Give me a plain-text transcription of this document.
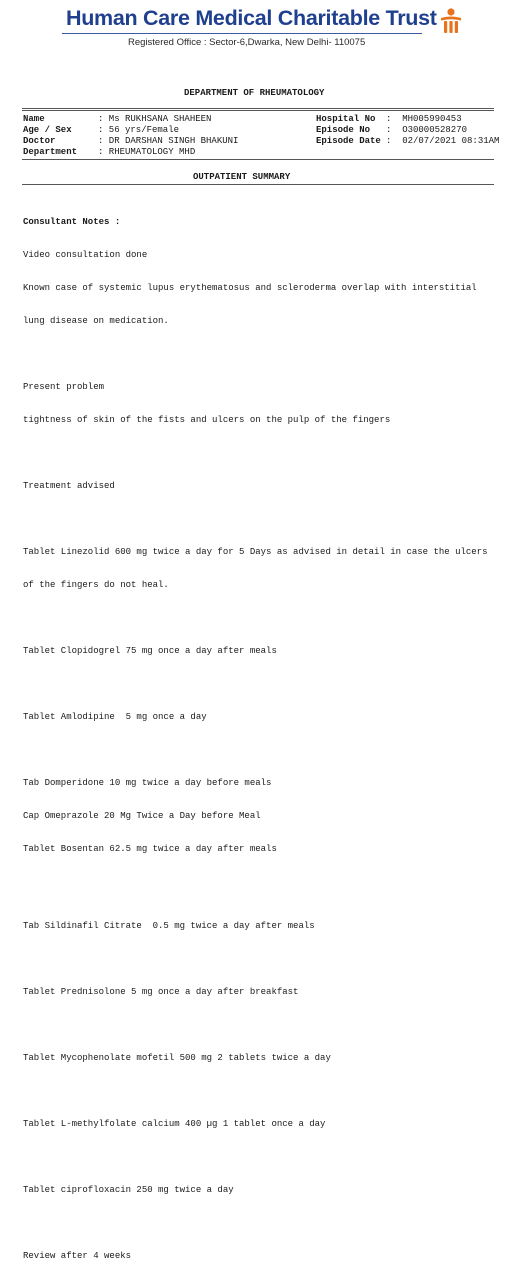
Human Care Medical Charitable Trust
Registered Office : Sector-6,Dwarka, New Delhi- 110075
DEPARTMENT OF RHEUMATOLOGY
Name	: Ms RUKHSANA SHAHEEN
Age / Sex	: 56 yrs/Female
Doctor	: DR DARSHAN SINGH BHAKUNI
Department : RHEUMATOLOGY MHD
Hospital No :  MH005990453
Episode No :  O30000528270
Episode Date :  02/07/2021 08:31AM
OUTPATIENT SUMMARY

Consultant Notes :

Video consultation done

Known case of systemic lupus erythematosus and scleroderma overlap with interstitial

lung disease on medication.

Present problem

tightness of skin of the fists and ulcers on the pulp of the fingers

Treatment advised

Tablet Linezolid 600 mg twice a day for 5 Days as advised in detail in case the ulcers

of the fingers do not heal.

Tablet Clopidogrel 75 mg once a day after meals

Tablet Amlodipine  5 mg once a day

Tab Domperidone 10 mg twice a day before meals

Cap Omeprazole 20 Mg Twice a Day before Meal

Tablet Bosentan 62.5 mg twice a day after meals

Tab Sildinafil Citrate  0.5 mg twice a day after meals

Tablet Prednisolone 5 mg once a day after breakfast

Tablet Mycophenolate mofetil 500 mg 2 tablets twice a day

Tablet L-methylfolate calcium 400 µg 1 tablet once a day

Tablet ciprofloxacin 250 mg twice a day

Review after 4 weeks
